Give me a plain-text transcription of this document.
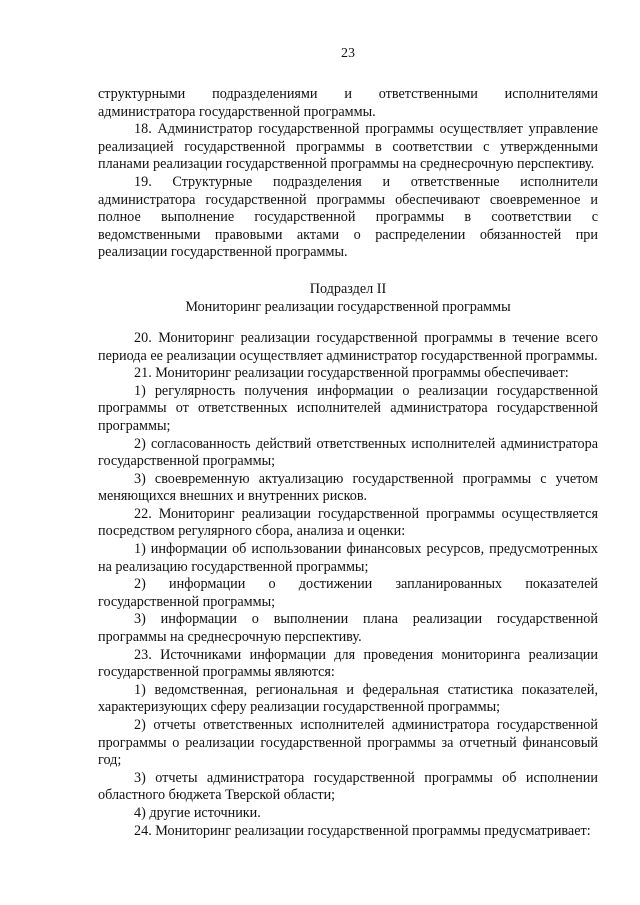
23

структурными подразделениями и ответственными исполнителями администратора государственной программы.

18. Администратор государственной программы осуществляет управление реализацией государственной программы в соответствии с утвержденными планами реализации государственной программы на среднесрочную перспективу.

19. Структурные подразделения и ответственные исполнители администратора государственной программы обеспечивают своевременное и полное выполнение государственной программы в соответствии с ведомственными правовыми актами о распределении обязанностей при реализации государственной программы.

Подраздел II
Мониторинг реализации государственной программы

20. Мониторинг реализации государственной программы в течение всего периода ее реализации осуществляет администратор государственной программы.

21. Мониторинг реализации государственной программы обеспечивает:

1) регулярность получения информации о реализации государственной программы от ответственных исполнителей администратора государственной программы;

2) согласованность действий ответственных исполнителей администратора государственной программы;

3) своевременную актуализацию государственной программы с учетом меняющихся внешних и внутренних рисков.

22. Мониторинг реализации государственной программы осуществляется посредством регулярного сбора, анализа и оценки:

1) информации об использовании финансовых ресурсов, предусмотренных на реализацию государственной программы;

2) информации о достижении запланированных показателей государственной программы;

3) информации о выполнении плана реализации государственной программы на среднесрочную перспективу.

23. Источниками информации для проведения мониторинга реализации государственной программы являются:

1) ведомственная, региональная и федеральная статистика показателей, характеризующих сферу реализации государственной программы;

2) отчеты ответственных исполнителей администратора государственной программы о реализации государственной программы за отчетный финансовый год;

3) отчеты администратора государственной программы об исполнении областного бюджета Тверской области;

4) другие источники.

24. Мониторинг реализации государственной программы предусматривает:
